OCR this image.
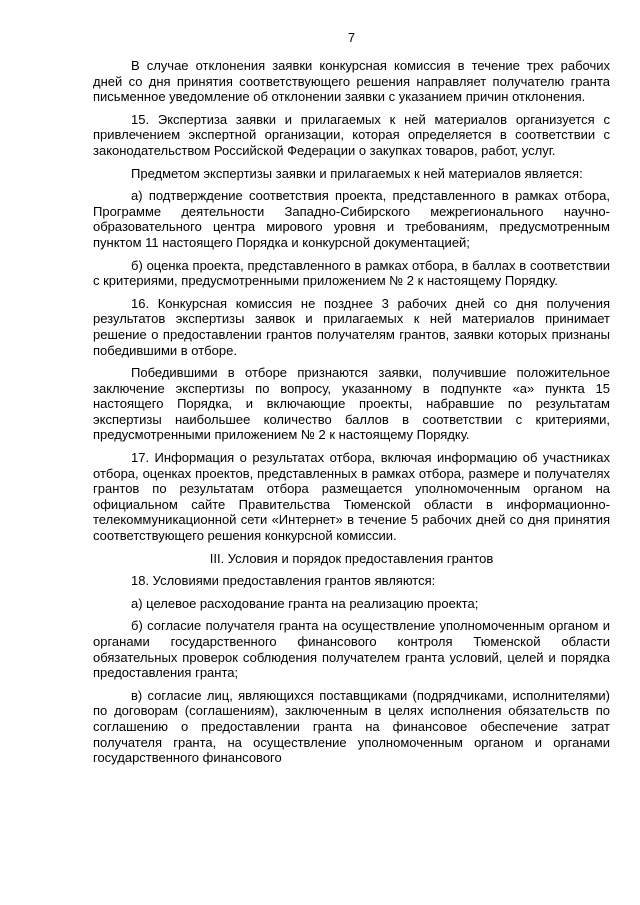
7

В случае отклонения заявки конкурсная комиссия в течение трех рабочих дней со дня принятия соответствующего решения направляет получателю гранта письменное уведомление об отклонении заявки с указанием причин отклонения.

15. Экспертиза заявки и прилагаемых к ней материалов организуется с привлечением экспертной организации, которая определяется в соответствии с законодательством Российской Федерации о закупках товаров, работ, услуг.

Предметом экспертизы заявки и прилагаемых к ней материалов является:

а) подтверждение соответствия проекта, представленного в рамках отбора, Программе деятельности Западно-Сибирского межрегионального научно-образовательного центра мирового уровня и требованиям, предусмотренным пунктом 11 настоящего Порядка и конкурсной документацией;

б) оценка проекта, представленного в рамках отбора, в баллах в соответствии с критериями, предусмотренными приложением № 2 к настоящему Порядку.

16. Конкурсная комиссия не позднее 3 рабочих дней со дня получения результатов экспертизы заявок и прилагаемых к ней материалов принимает решение о предоставлении грантов получателям грантов, заявки которых признаны победившими в отборе.

Победившими в отборе признаются заявки, получившие положительное заключение экспертизы по вопросу, указанному в подпункте «а» пункта 15 настоящего Порядка, и включающие проекты, набравшие по результатам экспертизы наибольшее количество баллов в соответствии с критериями, предусмотренными приложением № 2 к настоящему Порядку.

17. Информация о результатах отбора, включая информацию об участниках отбора, оценках проектов, представленных в рамках отбора, размере и получателях грантов по результатам отбора размещается уполномоченным органом на официальном сайте Правительства Тюменской области в информационно-телекоммуникационной сети «Интернет» в течение 5 рабочих дней со дня принятия соответствующего решения конкурсной комиссии.

III. Условия и порядок предоставления грантов

18. Условиями предоставления грантов являются:

а) целевое расходование гранта на реализацию проекта;

б) согласие получателя гранта на осуществление уполномоченным органом и органами государственного финансового контроля Тюменской области обязательных проверок соблюдения получателем гранта условий, целей и порядка предоставления гранта;

в) согласие лиц, являющихся поставщиками (подрядчиками, исполнителями) по договорам (соглашениям), заключенным в целях исполнения обязательств по соглашению о предоставлении гранта на финансовое обеспечение затрат получателя гранта, на осуществление уполномоченным органом и органами государственного финансового
